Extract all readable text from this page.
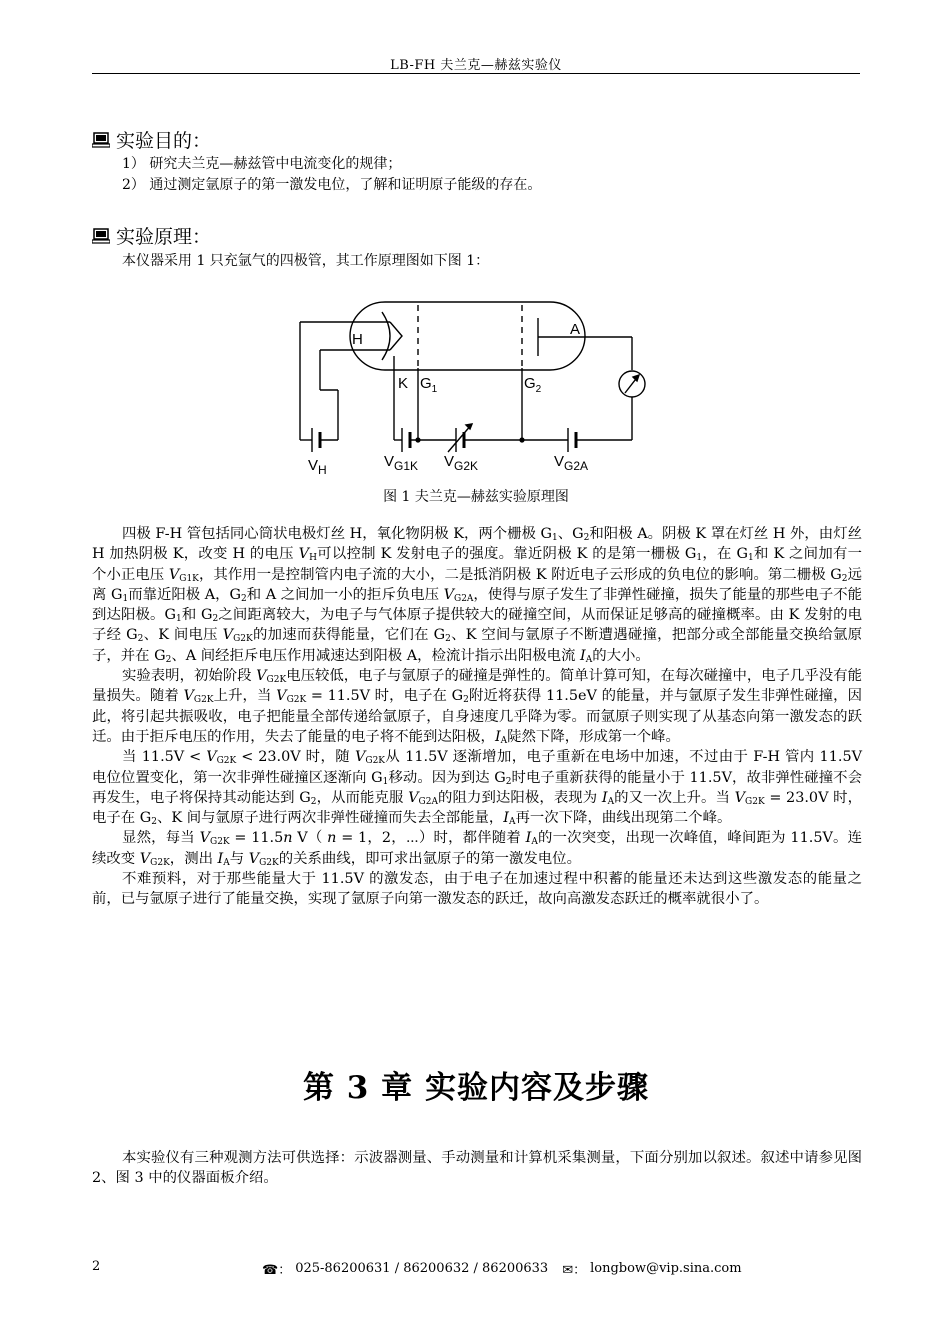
LB-FH 夫兰克—赫兹实验仪
实验目的：
1） 研究夫兰克—赫兹管中电流变化的规律；
2） 通过测定氩原子的第一激发电位，了解和证明原子能级的存在。
实验原理：
本仪器采用 1 只充氩气的四极管，其工作原理图如下图 1：
H
A
K $G_1$	$G_2$
$V_H$	$V_{G1K}$ $V_{G2K}$	$V_{G2A}$
图 1 夫兰克—赫兹实验原理图

四极 F-H 管包括同心筒状电极灯丝 H，氧化物阴极 K，两个栅极 $G_1$、$G_2$和阳极 A。阴极 K 罩在灯丝 H 外，由灯丝 H 加热阴极 K，改变 H 的电压 $V_H$可以控制 K 发射电子的强度。靠近阴极 K 的是第一栅极 $G_1$，在 $G_1$和 K 之间加有一个小正电压 $V_{G1K}$，其作用一是控制管内电子流的大小，二是抵消阴极 K 附近电子云形成的负电位的影响。第二栅极 $G_2$远离 $G_1$而靠近阳极 A，$G_2$和 A 之间加一小的拒斥负电压 $V_{G2A}$，使得与原子发生了非弹性碰撞，损失了能量的那些电子不能到达阳极。$G_1$和 $G_2$之间距离较大，为电子与气体原子提供较大的碰撞空间，从而保证足够高的碰撞概率。由 K 发射的电子经 $G_2$、K 间电压 $V_{G2K}$的加速而获得能量，它们在 $G_2$、K 空间与氩原子不断遭遇碰撞，把部分或全部能量交换给氩原子，并在 $G_2$、A 间经拒斥电压作用减速达到阳极 A，检流计指示出阳极电流 $I_A$的大小。

实验表明，初始阶段 $V_{G2K}$电压较低，电子与氩原子的碰撞是弹性的。简单计算可知，在每次碰撞中，电子几乎没有能量损失。随着 $V_{G2K}$上升，当 $V_{G2K} = 11.5V$ 时，电子在 $G_2$附近将获得 11.5eV 的能量，并与氩原子发生非弹性碰撞，因此，将引起共振吸收，电子把能量全部传递给氩原子，自身速度几乎降为零。而氩原子则实现了从基态向第一激发态的跃迁。由于拒斥电压的作用，失去了能量的电子将不能到达阳极，$I_A$陡然下降，形成第一个峰。

当 $11.5V < V_{G2K} < 23.0V$ 时，随 $V_{G2K}$从 11.5V 逐渐增加，电子重新在电场中加速，不过由于 F-H 管内 11.5V 电位位置变化，第一次非弹性碰撞区逐渐向 $G_1$移动。因为到达 $G_2$时电子重新获得的能量小于 11.5V，故非弹性碰撞不会再发生，电子将保持其动能达到 $G_2$，从而能克服 $V_{G2A}$的阻力到达阳极，表现为 $I_A$的又一次上升。当 $V_{G2K} = 23.0V$ 时，电子在 $G_2$、K 间与氩原子进行两次非弹性碰撞而失去全部能量，$I_A$再一次下降，曲线出现第二个峰。

显然，每当 $V_{G2K} = 11.5n$ V（ n = 1，2，⋯）时，都伴随着 $I_A$的一次突变，出现一次峰值，峰间距为 11.5V。连续改变 $V_{G2K}$，测出 $I_A$与 $V_{G2K}$的关系曲线，即可求出氩原子的第一激发电位。

不难预料，对于那些能量大于 11.5V 的激发态，由于电子在加速过程中积蓄的能量还未达到这些激发态的能量之前，已与氩原子进行了能量交换，实现了氩原子向第一激发态的跃迁，故向高激发态跃迁的概率就很小了。

第 3 章 实验内容及步骤

本实验仪有三种观测方法可供选择：示波器测量、手动测量和计算机采集测量，下面分别加以叙述。叙述中请参见图 2、图 3 中的仪器面板介绍。

2	☎： 025-86200631 / 86200632 / 86200633 ✉： longbow@vip.sina.com
